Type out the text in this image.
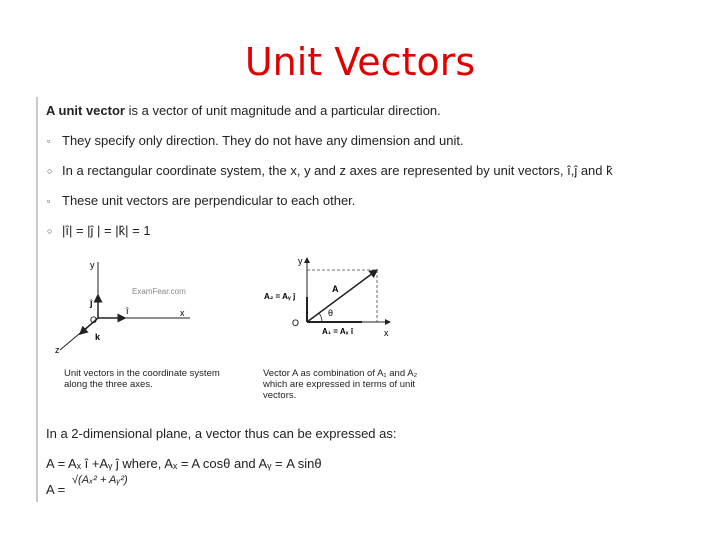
Unit Vectors
A unit vector is a vector of unit magnitude and a particular direction.
▫ They specify only direction. They do not have any dimension and unit.
○ In a rectangular coordinate system, the x, y and z axes are represented by unit vectors, î,ĵ and k̂
▫ These unit vectors are perpendicular to each other.
○ |î| = |ĵ | = |k̂| = 1
y
x
z
O
î
ĵ
k
ExamFear.com
Unit vectors in the coordinate system
along the three axes.
y
x
O
A
θ
A₂ = Aᵧ ĵ
A₁ = Aₓ î
Vector A as combination of A₁ and A₂
which are expressed in terms of unit
vectors.
In a 2-dimensional plane, a vector thus can be expressed as:
A = Aₓ î +Aᵧ ĵ where, Aₓ = A cosθ and Aᵧ = A sinθ
A =
√(Aₓ² + Aᵧ²)
